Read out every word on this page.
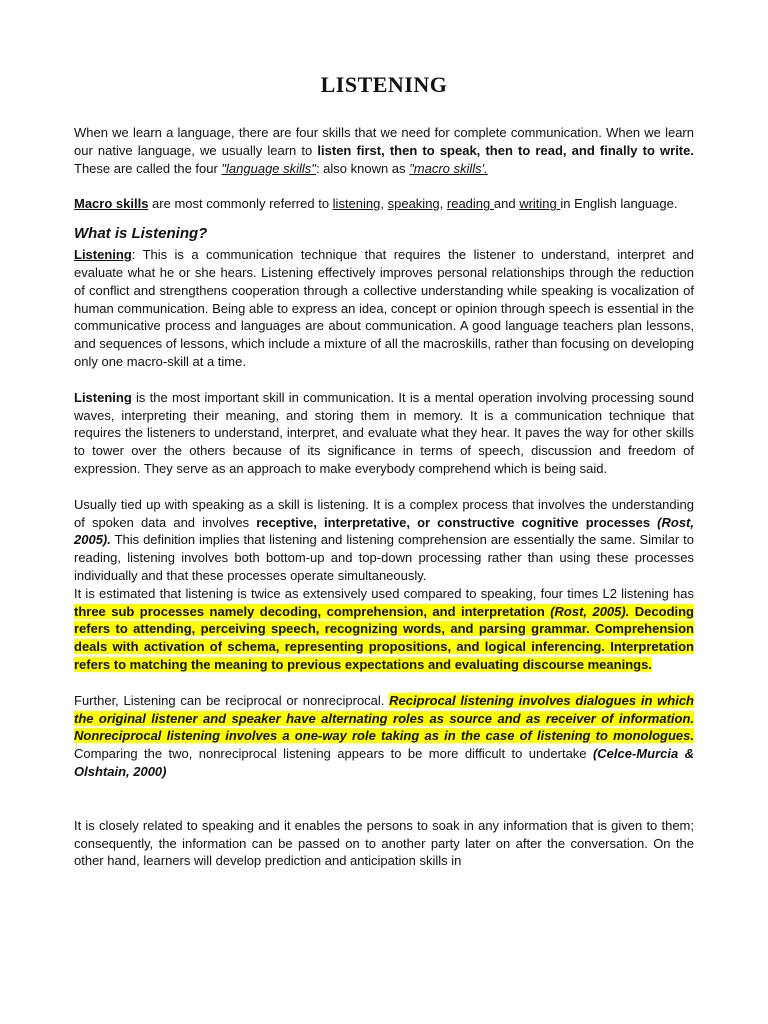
LISTENING

When we learn a language, there are four skills that we need for complete communication. When we learn our native language, we usually learn to listen first, then to speak, then to read, and finally to write. These are called the four "language skills": also known as "macro skills'.

Macro skills are most commonly referred to listening, speaking, reading and writing in English language.

What is Listening?

Listening: This is a communication technique that requires the listener to understand, interpret and evaluate what he or she hears. Listening effectively improves personal relationships through the reduction of conflict and strengthens cooperation through a collective understanding while speaking is vocalization of human communication. Being able to express an idea, concept or opinion through speech is essential in the communicative process and languages are about communication. A good language teachers plan lessons, and sequences of lessons, which include a mixture of all the macroskills, rather than focusing on developing only one macro-skill at a time.

Listening is the most important skill in communication. It is a mental operation involving processing sound waves, interpreting their meaning, and storing them in memory. It is a communication technique that requires the listeners to understand, interpret, and evaluate what they hear. It paves the way for other skills to tower over the others because of its significance in terms of speech, discussion and freedom of expression. They serve as an approach to make everybody comprehend which is being said.

Usually tied up with speaking as a skill is listening. It is a complex process that involves the understanding of spoken data and involves receptive, interpretative, or constructive cognitive processes (Rost, 2005). This definition implies that listening and listening comprehension are essentially the same. Similar to reading, listening involves both bottom-up and top-down processing rather than using these processes individually and that these processes operate simultaneously.

It is estimated that listening is twice as extensively used compared to speaking, four times L2 listening has three sub processes namely decoding, comprehension, and interpretation (Rost, 2005). Decoding refers to attending, perceiving speech, recognizing words, and parsing grammar. Comprehension deals with activation of schema, representing propositions, and logical inferencing. Interpretation refers to matching the meaning to previous expectations and evaluating discourse meanings.

Further, Listening can be reciprocal or nonreciprocal. Reciprocal listening involves dialogues in which the original listener and speaker have alternating roles as source and as receiver of information. Nonreciprocal listening involves a one-way role taking as in the case of listening to monologues. Comparing the two, nonreciprocal listening appears to be more difficult to undertake (Celce-Murcia & Olshtain, 2000)

It is closely related to speaking and it enables the persons to soak in any information that is given to them; consequently, the information can be passed on to another party later on after the conversation. On the other hand, learners will develop prediction and anticipation skills in
